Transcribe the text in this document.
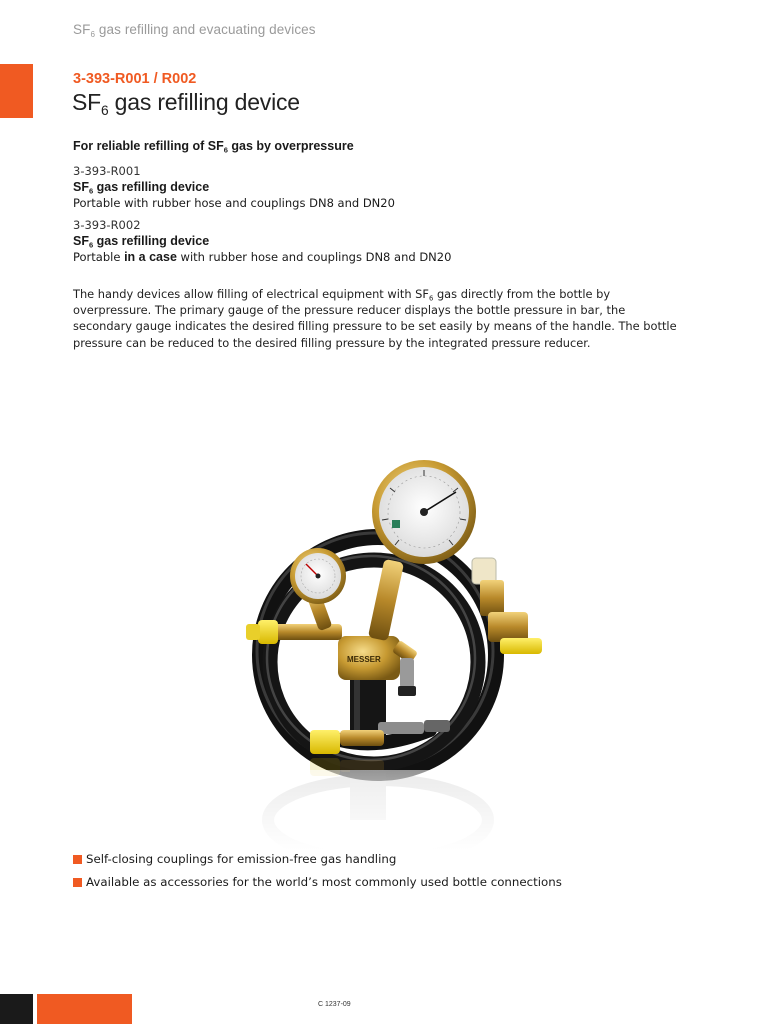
$SF_6$ gas refilling and evacuating devices
3-393-R001 / R002
$SF_6$ gas refilling device
For reliable refilling of $SF_6$ gas by overpressure
3-393-R001
$SF_6$ gas refilling device
Portable with rubber hose and couplings DN8 and DN20
3-393-R002
$SF_6$ gas refilling device
Portable in a case with rubber hose and couplings DN8 and DN20
The handy devices allow filling of electrical equipment with $SF_6$ gas directly from the bottle by overpressure. The primary gauge of the pressure reducer displays the bottle pressure in bar, the secondary gauge indicates the desired filling pressure to be set easily by means of the handle. The bottle pressure can be reduced to the desired filling pressure by the integrated pressure reducer.
MESSER
Self-closing couplings for emission-free gas handling
Available as accessories for the world’s most commonly used bottle connections
C 1237-09
